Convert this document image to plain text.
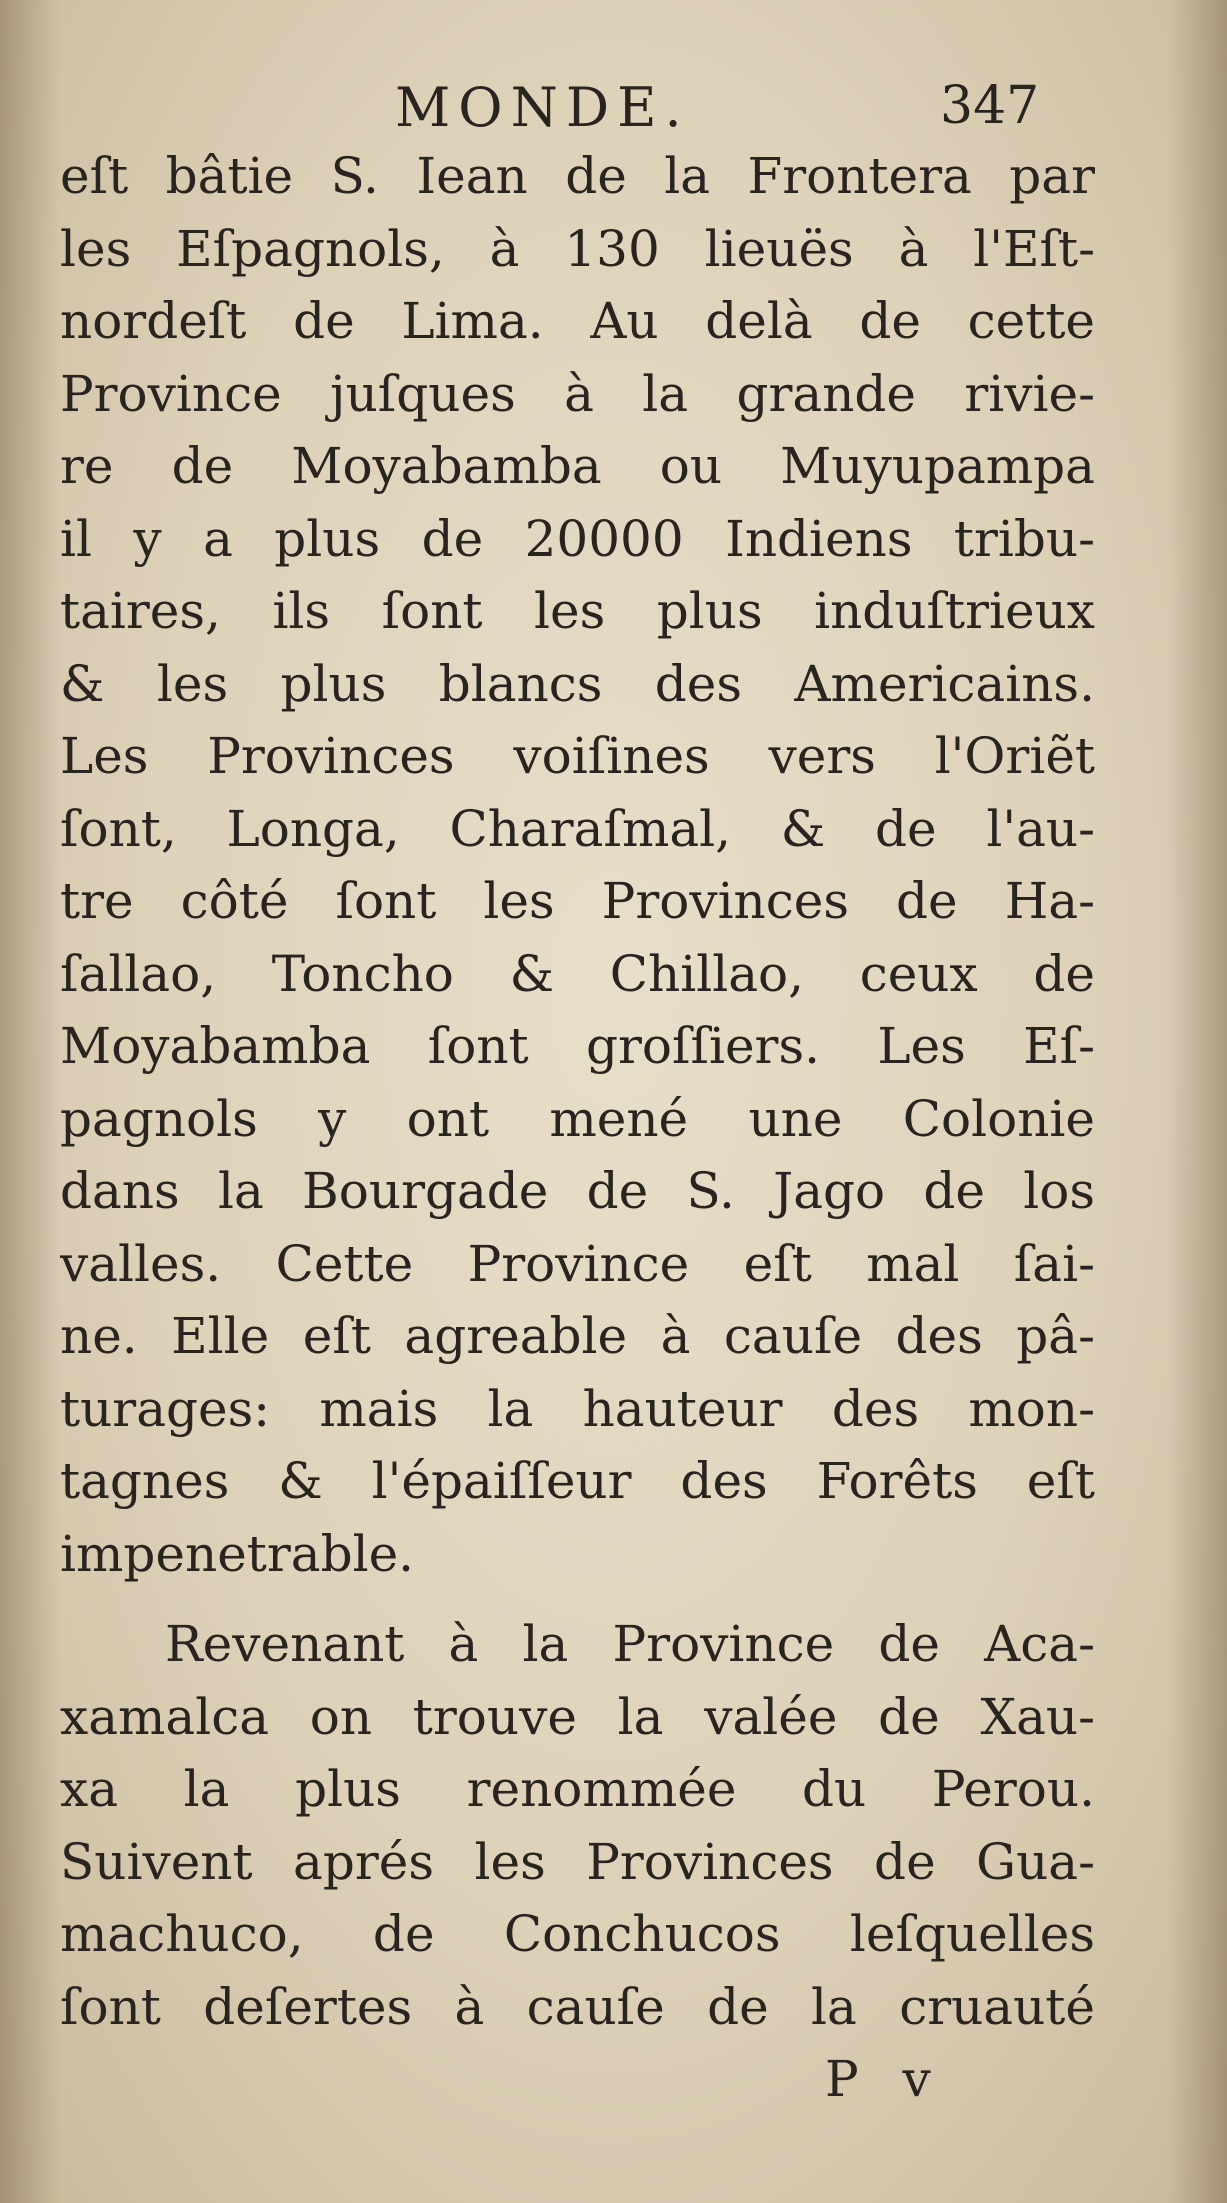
MONDE.	347
eſt bâtie S. Iean de la Frontera par
les Eſpagnols, à 130 lieuës à l'Eſt-
nordeſt de Lima. Au delà de cette
Province juſques à la grande rivie-
re de Moyabamba ou Muyupampa
il y a plus de 20000 Indiens tribu-
taires, ils ſont les plus induſtrieux
& les plus blancs des Americains.
Les Provinces voiſines vers l'Oriẽt
ſont, Longa, Charaſmal, & de l'au-
tre côté ſont les Provinces de Ha-
ſallao, Toncho & Chillao, ceux de
Moyabamba ſont groſſiers. Les Eſ-
pagnols y ont mené une Colonie
dans la Bourgade de S. Jago de los
valles. Cette Province eſt mal ſai-
ne. Elle eſt agreable à cauſe des pâ-
turages: mais la hauteur des mon-
tagnes & l'épaiſſeur des Forêts eſt
impenetrable.
Revenant à la Province de Aca-
xamalca on trouve la valée de Xau-
xa la plus renommée du Perou.
Suivent aprés les Provinces de Gua-
machuco, de Conchucos leſquelles
ſont deſertes à cauſe de la cruauté
P v
